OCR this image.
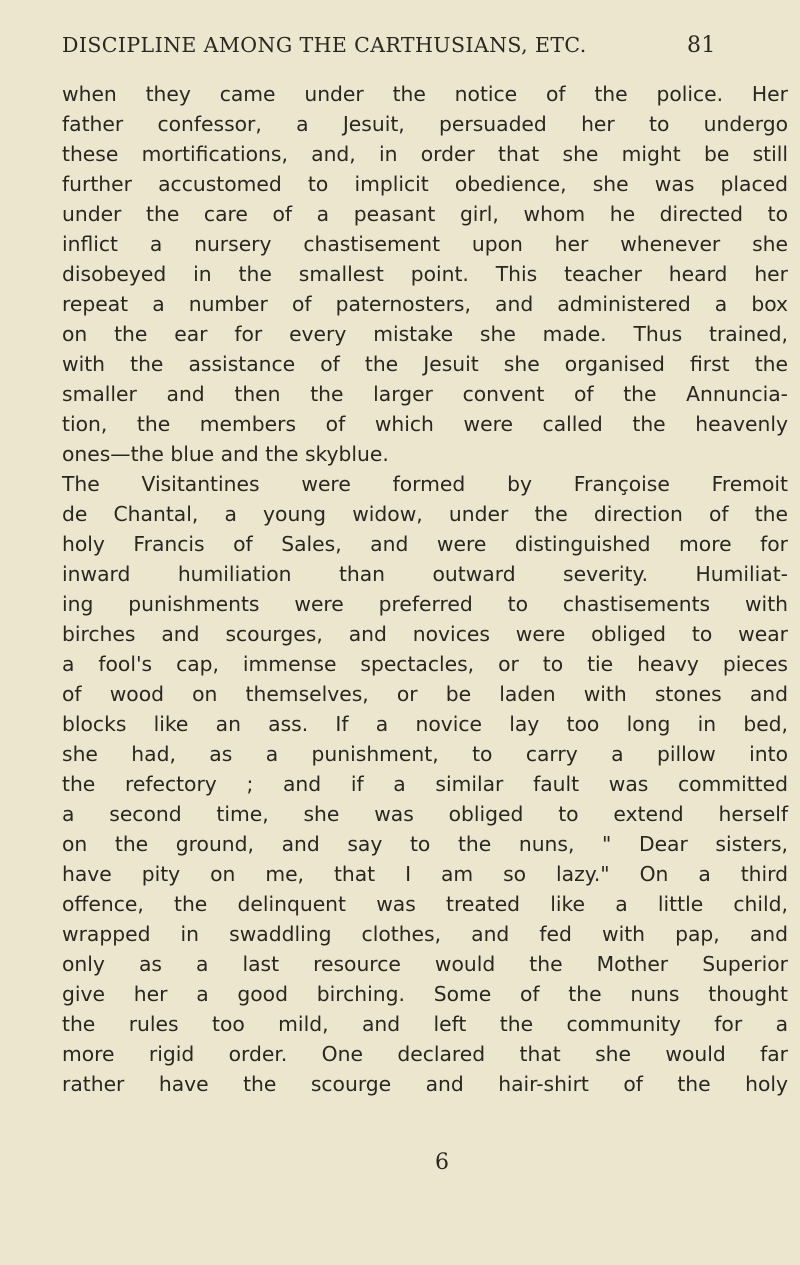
DISCIPLINE AMONG THE CARTHUSIANS, ETC.	81
when they came under the notice of the police. Her
father confessor, a Jesuit, persuaded her to undergo
these mortifications, and, in order that she might be still
further accustomed to implicit obedience, she was placed
under the care of a peasant girl, whom he directed to
inflict a nursery chastisement upon her whenever she
disobeyed in the smallest point. This teacher heard her
repeat a number of paternosters, and administered a box
on the ear for every mistake she made. Thus trained,
with the assistance of the Jesuit she organised first the
smaller and then the larger convent of the Annuncia-
tion, the members of which were called the heavenly
ones—the blue and the skyblue.
The Visitantines were formed by Françoise Fremoit
de Chantal, a young widow, under the direction of the
holy Francis of Sales, and were distinguished more for
inward humiliation than outward severity. Humiliat-
ing punishments were preferred to chastisements with
birches and scourges, and novices were obliged to wear
a fool's cap, immense spectacles, or to tie heavy pieces
of wood on themselves, or be laden with stones and
blocks like an ass. If a novice lay too long in bed,
she had, as a punishment, to carry a pillow into
the refectory ; and if a similar fault was committed
a second time, she was obliged to extend herself
on the ground, and say to the nuns, " Dear sisters,
have pity on me, that I am so lazy." On a third
offence, the delinquent was treated like a little child,
wrapped in swaddling clothes, and fed with pap, and
only as a last resource would the Mother Superior
give her a good birching. Some of the nuns thought
the rules too mild, and left the community for a
more rigid order. One declared that she would far
rather have the scourge and hair-shirt of the holy
6
